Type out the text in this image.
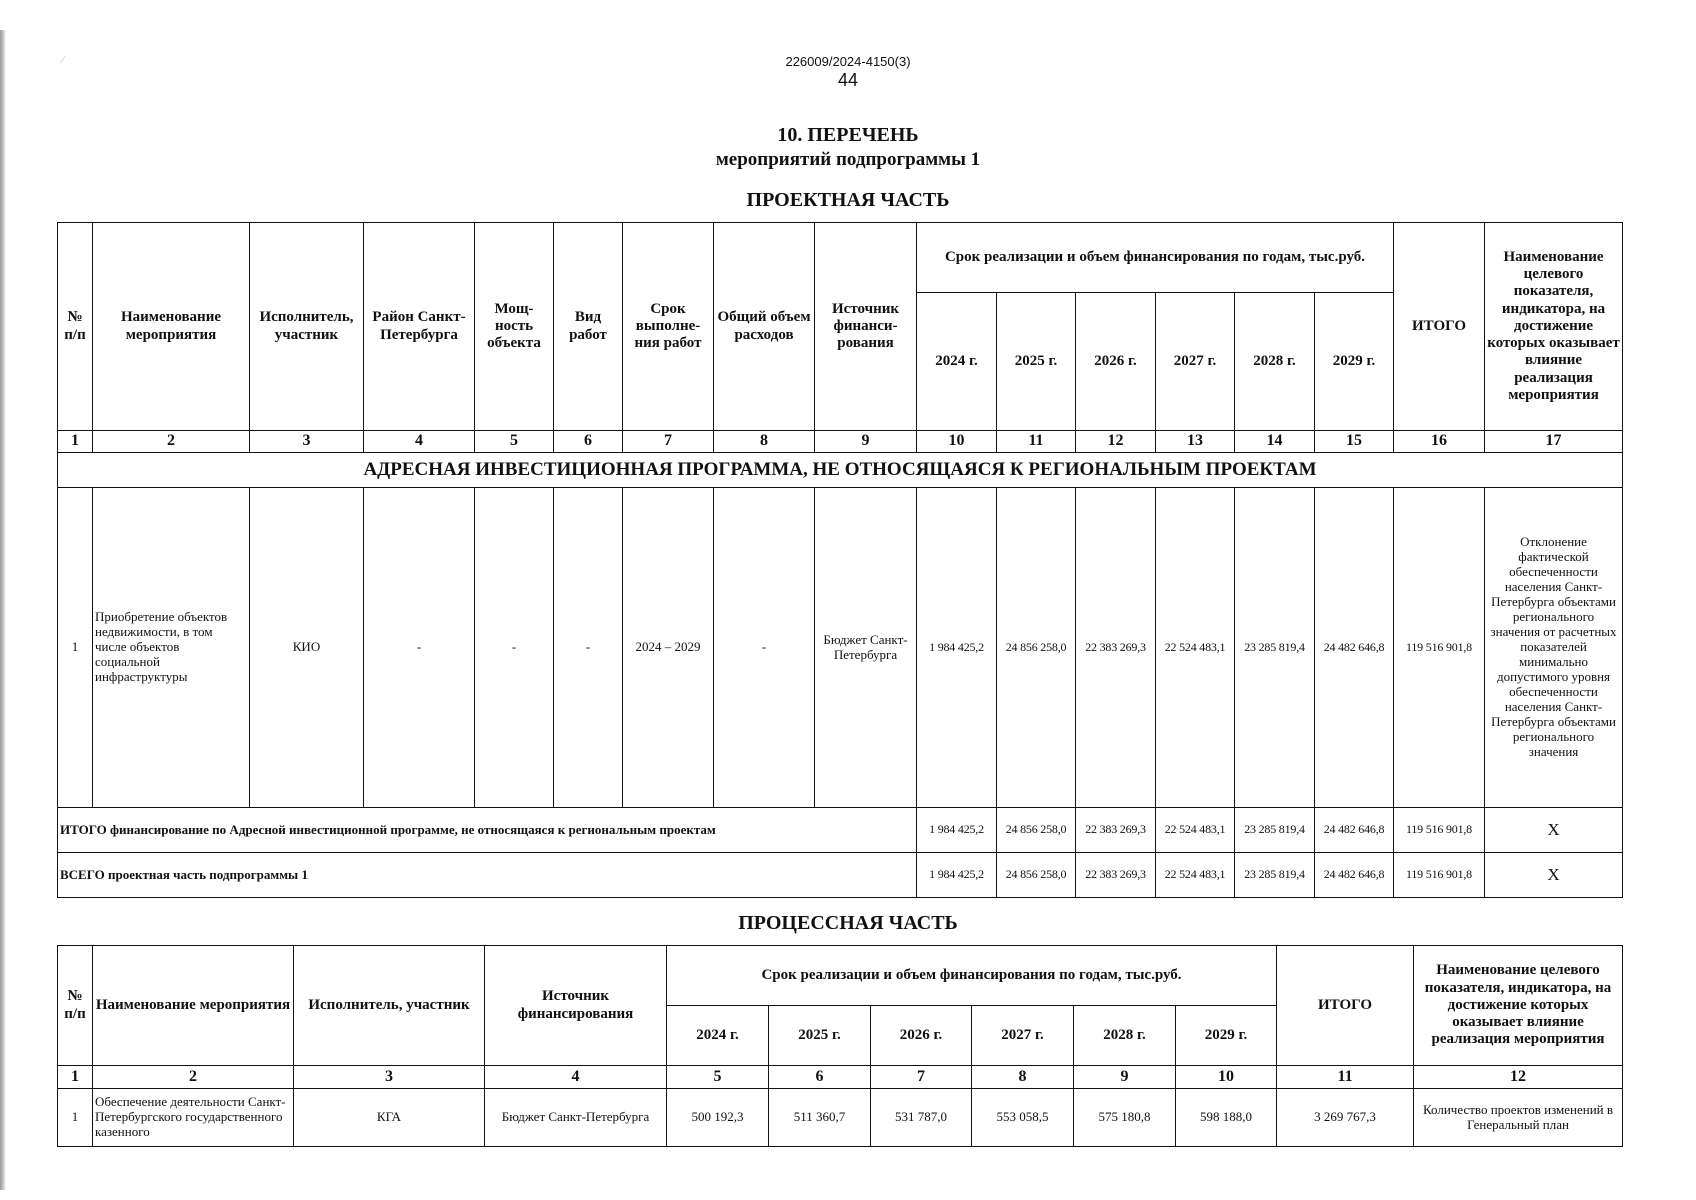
⁄	226009/2024-4150(3)
44
10. ПЕРЕЧЕНЬ
мероприятий подпрограммы 1
ПРОЕКТНАЯ ЧАСТЬ
№ п/п	Наименование мероприятия	Исполнитель, участник	Район Санкт-Петербурга	Мощ-ность объекта	Вид работ	Срок выполне-ния работ	Общий объем расходов	Источник финанси-рования	Срок реализации и объем финансирования по годам, тыс.руб.						ИТОГО	Наименование целевого показателя, индикатора, на достижение которых оказывает влияние реализация мероприятия
									2024 г.	2025 г.	2026 г.	2027 г.	2028 г.	2029 г.		
1	2	3	4	5	6	7	8	9	10	11	12	13	14	15	16	17
АДРЕСНАЯ ИНВЕСТИЦИОННАЯ ПРОГРАММА, НЕ ОТНОСЯЩАЯСЯ К РЕГИОНАЛЬНЫМ ПРОЕКТАМ																
1	Приобретение объектов недвижимости, в том числе объектов социальной инфраструктуры	КИО	-	-	-	2024 – 2029	-	Бюджет Санкт-Петербурга	1 984 425,2	24 856 258,0	22 383 269,3	22 524 483,1	23 285 819,4	24 482 646,8	119 516 901,8	Отклонение фактической обеспеченности населения Санкт-Петербурга объектами регионального значения от расчетных показателей минимально допустимого уровня обеспеченности населения Санкт-Петербурга объектами регионального значения
ИТОГО финансирование по Адресной инвестиционной программе, не относящаяся к региональным проектам									1 984 425,2	24 856 258,0	22 383 269,3	22 524 483,1	23 285 819,4	24 482 646,8	119 516 901,8	Х
ВСЕГО проектная часть подпрограммы 1									1 984 425,2	24 856 258,0	22 383 269,3	22 524 483,1	23 285 819,4	24 482 646,8	119 516 901,8	Х
ПРОЦЕССНАЯ ЧАСТЬ
№ п/п	Наименование мероприятия	Исполнитель, участник	Источник финансирования	Срок реализации и объем финансирования по годам, тыс.руб.						ИТОГО	Наименование целевого показателя, индикатора, на достижение которых оказывает влияние реализация мероприятия
				2024 г.	2025 г.	2026 г.	2027 г.	2028 г.	2029 г.		
1	2	3	4	5	6	7	8	9	10	11	12
1	Обеспечение деятельности Санкт-Петербургского государственного казенного	КГА	Бюджет Санкт-Петербурга	500 192,3	511 360,7	531 787,0	553 058,5	575 180,8	598 188,0	3 269 767,3	Количество проектов изменений в Генеральный план
